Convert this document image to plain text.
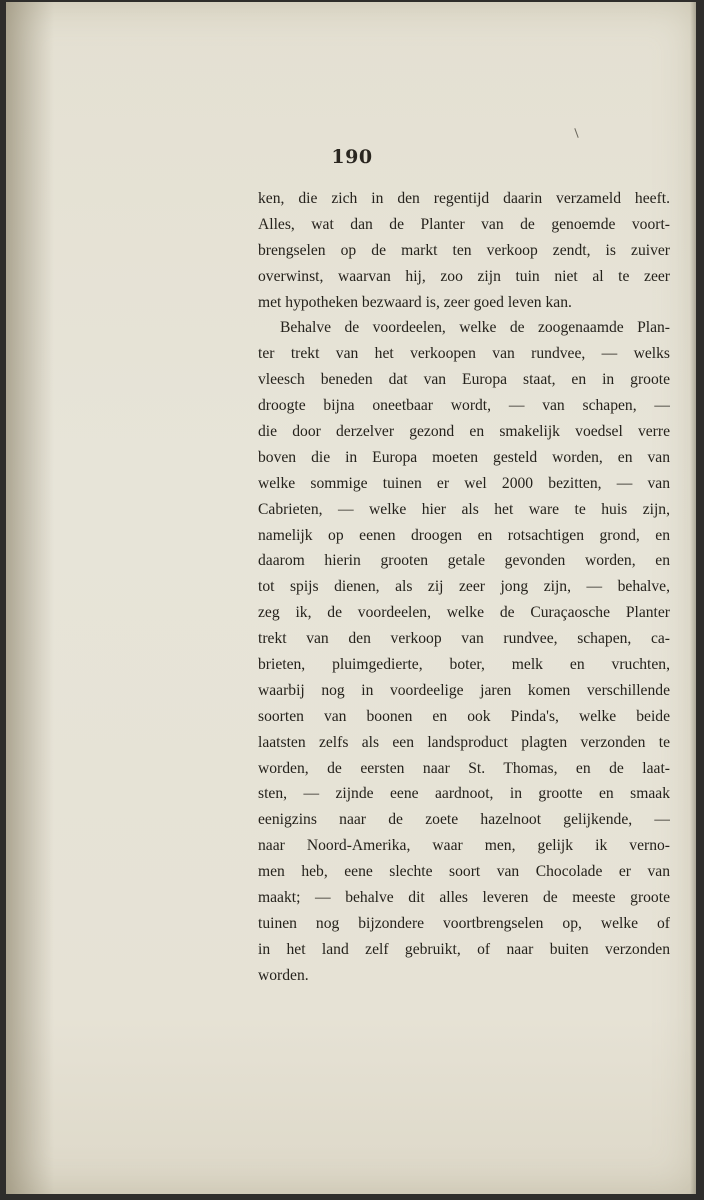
190
ken, die zich in den regentijd daarin verzameld heeft.
Alles, wat dan de Planter van de genoemde voort-
brengselen op de markt ten verkoop zendt, is zuiver
overwinst, waarvan hij, zoo zijn tuin niet al te zeer
met hypotheken bezwaard is, zeer goed leven kan.
Behalve de voordeelen, welke de zoogenaamde Plan-
ter trekt van het verkoopen van rundvee, — welks
vleesch beneden dat van Europa staat, en in groote
droogte bijna oneetbaar wordt, — van schapen, —
die door derzelver gezond en smakelijk voedsel verre
boven die in Europa moeten gesteld worden, en van
welke sommige tuinen er wel 2000 bezitten, — van
Cabrieten, — welke hier als het ware te huis zijn,
namelijk op eenen droogen en rotsachtigen grond, en
daarom hierin grooten getale gevonden worden, en
tot spijs dienen, als zij zeer jong zijn, — behalve,
zeg ik, de voordeelen, welke de Curaçaosche Planter
trekt van den verkoop van rundvee, schapen, ca-
brieten, pluimgedierte, boter, melk en vruchten,
waarbij nog in voordeelige jaren komen verschillende
soorten van boonen en ook Pinda's, welke beide
laatsten zelfs als een landsproduct plagten verzonden te
worden, de eersten naar St. Thomas, en de laat-
sten, — zijnde eene aardnoot, in grootte en smaak
eenigzins naar de zoete hazelnoot gelijkende, —
naar Noord-Amerika, waar men, gelijk ik verno-
men heb, eene slechte soort van Chocolade er van
maakt; — behalve dit alles leveren de meeste groote
tuinen nog bijzondere voortbrengselen op, welke of
in het land zelf gebruikt, of naar buiten verzonden
worden.
